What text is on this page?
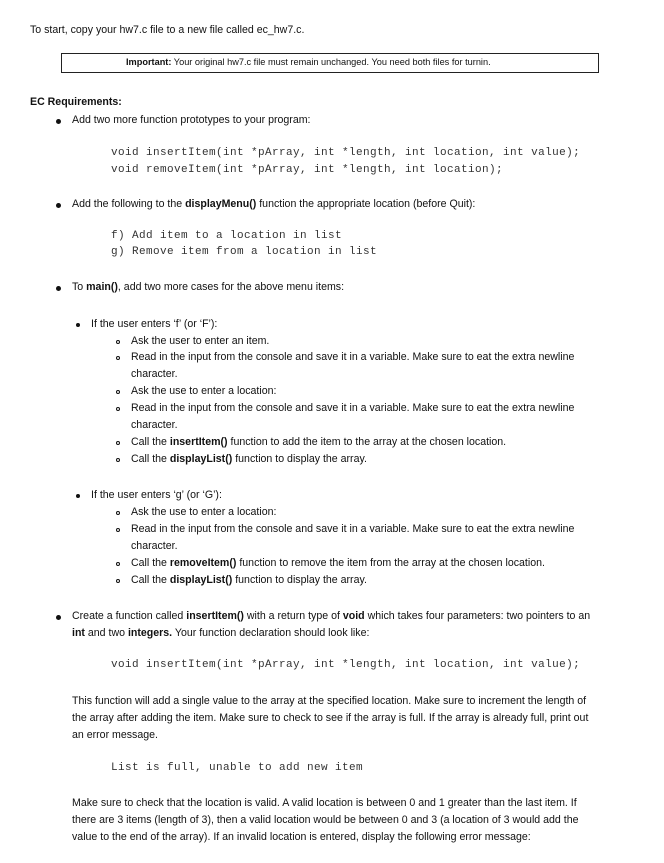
To start, copy your hw7.c file to a new file called ec_hw7.c.
Important: Your original hw7.c file must remain unchanged. You need both files for turnin.
EC Requirements:
Add two more function prototypes to your program:
void insertItem(int *pArray, int *length, int location, int value);
void removeItem(int *pArray, int *length, int location);
Add the following to the displayMenu() function the appropriate location (before Quit):
f) Add item to a location in list
g) Remove item from a location in list
To main(), add two more cases for the above menu items:
If the user enters ‘f’ (or ‘F’):
Ask the user to enter an item.
Read in the input from the console and save it in a variable. Make sure to eat the extra newline
character.
Ask the use to enter a location:
Read in the input from the console and save it in a variable. Make sure to eat the extra newline
character.
Call the insertItem() function to add the item to the array at the chosen location.
Call the displayList() function to display the array.
If the user enters ‘g’ (or ‘G’):
Ask the use to enter a location:
Read in the input from the console and save it in a variable. Make sure to eat the extra newline
character.
Call the removeItem() function to remove the item from the array at the chosen location.
Call the displayList() function to display the array.
Create a function called insertItem() with a return type of void which takes four parameters: two pointers to an
int and two integers. Your function declaration should look like:
void insertItem(int *pArray, int *length, int location, int value);
This function will add a single value to the array at the specified location. Make sure to increment the length of
the array after adding the item. Make sure to check to see if the array is full. If the array is already full, print out
an error message.
List is full, unable to add new item
Make sure to check that the location is valid. A valid location is between 0 and 1 greater than the last item. If
there are 3 items (length of 3), then a valid location would be between 0 and 3 (a location of 3 would add the
value to the end of the array). If an invalid location is entered, display the following error message:
